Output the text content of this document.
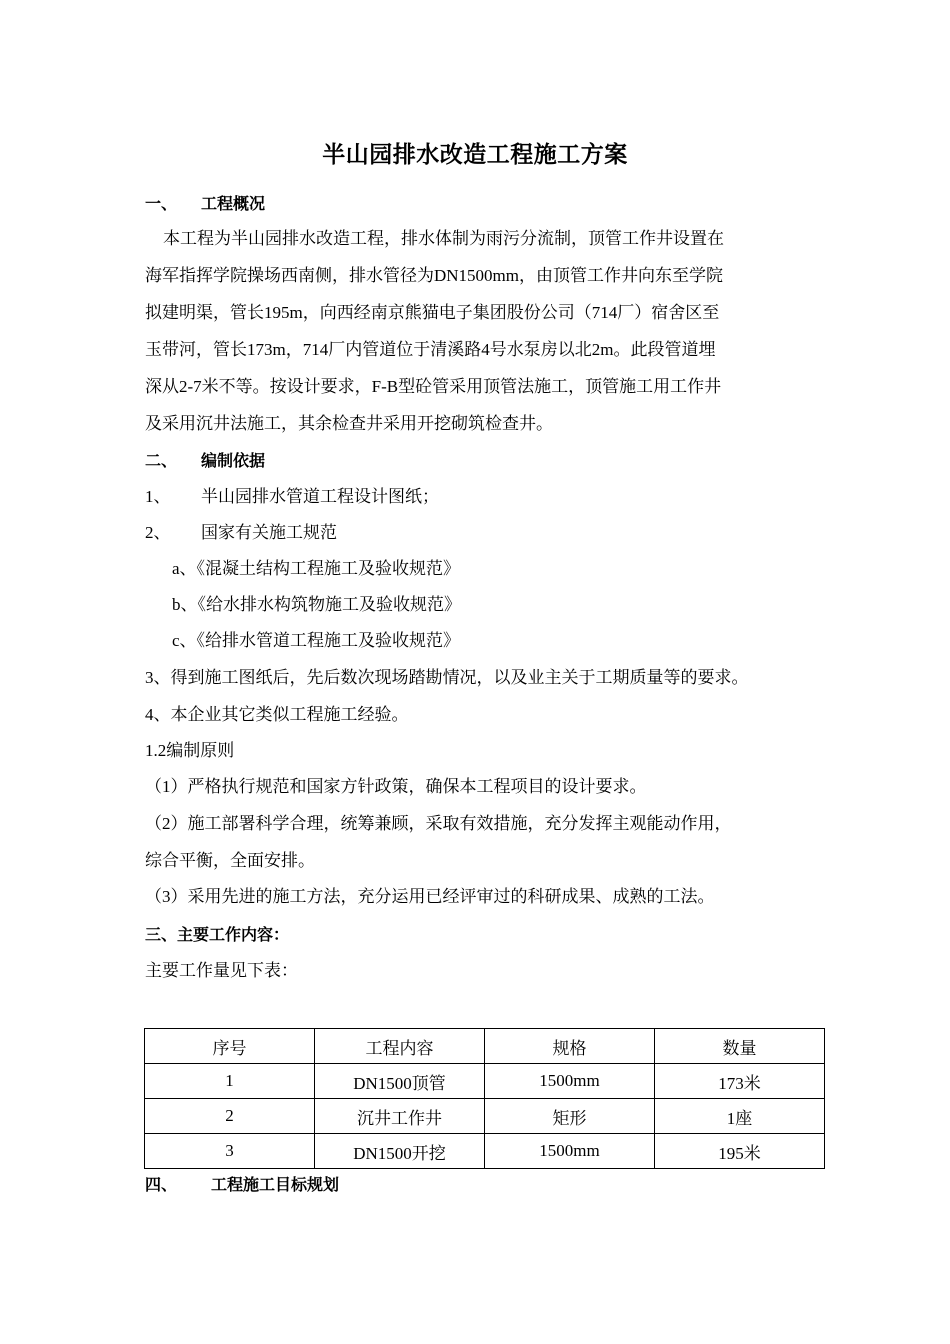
半山园排水改造工程施工方案
一、 工程概况
本工程为半山园排水改造工程，排水体制为雨污分流制，顶管工作井设置在
海军指挥学院操场西南侧，排水管径为DN1500mm，由顶管工作井向东至学院
拟建明渠，管长195m，向西经南京熊猫电子集团股份公司（714厂）宿舍区至
玉带河，管长173m，714厂内管道位于清溪路4号水泵房以北2m。此段管道埋
深从2-7米不等。按设计要求，F-B型砼管采用顶管法施工，顶管施工用工作井
及采用沉井法施工，其余检查井采用开挖砌筑检查井。
二、 编制依据
1、 半山园排水管道工程设计图纸；
2、 国家有关施工规范
a、《混凝土结构工程施工及验收规范》
b、《给水排水构筑物施工及验收规范》
c、《给排水管道工程施工及验收规范》
3、得到施工图纸后，先后数次现场踏勘情况，以及业主关于工期质量等的要求。
4、本企业其它类似工程施工经验。
1.2编制原则
（1）严格执行规范和国家方针政策，确保本工程项目的设计要求。
（2）施工部署科学合理，统筹兼顾，采取有效措施，充分发挥主观能动作用，
综合平衡，全面安排。
（3）采用先进的施工方法，充分运用已经评审过的科研成果、成熟的工法。
三、主要工作内容：
主要工作量见下表：
序号	工程内容	规格	数量
1	DN1500顶管	1500mm	173米
2	沉井工作井	矩形	1座
3	DN1500开挖	1500mm	195米
四、 工程施工目标规划
